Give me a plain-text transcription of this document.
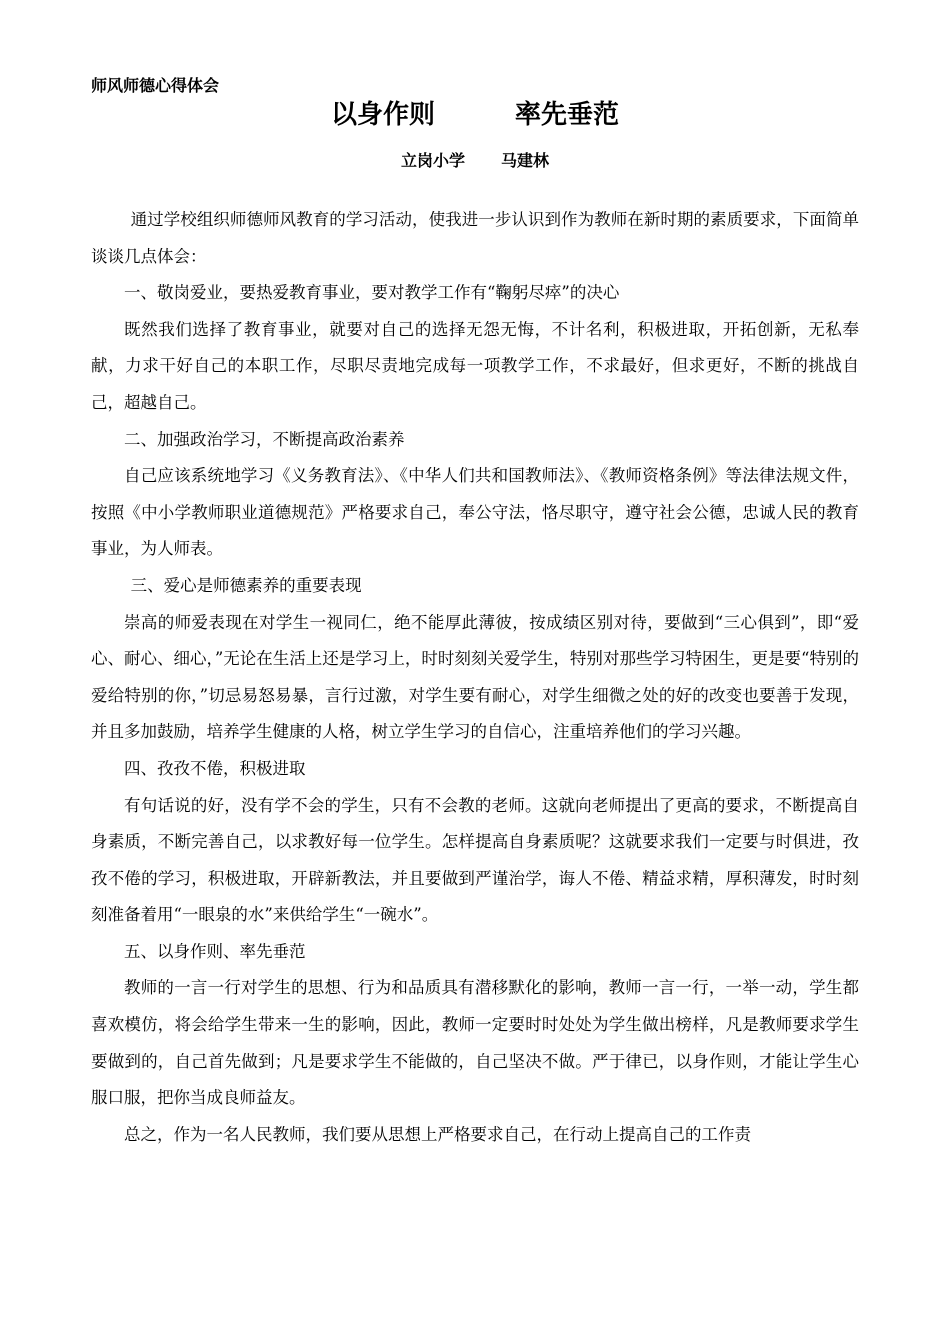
师风师德心得体会
以身作则	率先垂范
立岗小学 马建林

通过学校组织师德师风教育的学习活动，使我进一步认识到作为教师在新时期的素质要求，下面简单谈谈几点体会：

一、敬岗爱业，要热爱教育事业，要对教学工作有“鞠躬尽瘁”的决心

既然我们选择了教育事业，就要对自己的选择无怨无悔，不计名利，积极进取，开拓创新，无私奉献，力求干好自己的本职工作，尽职尽责地完成每一项教学工作，不求最好，但求更好，不断的挑战自己，超越自己。

二、加强政治学习，不断提高政治素养

自己应该系统地学习《义务教育法》、《中华人们共和国教师法》、《教师资格条例》等法律法规文件，按照《中小学教师职业道德规范》严格要求自己，奉公守法，恪尽职守，遵守社会公德，忠诚人民的教育事业，为人师表。

三、爱心是师德素养的重要表现

崇高的师爱表现在对学生一视同仁，绝不能厚此薄彼，按成绩区别对待，要做到“三心俱到”，即“爱心、耐心、细心，”无论在生活上还是学习上，时时刻刻关爱学生，特别对那些学习特困生，更是要“特别的爱给特别的你，”切忌易怒易暴，言行过激，对学生要有耐心，对学生细微之处的好的改变也要善于发现，并且多加鼓励，培养学生健康的人格，树立学生学习的自信心，注重培养他们的学习兴趣。

四、孜孜不倦，积极进取

有句话说的好，没有学不会的学生，只有不会教的老师。这就向老师提出了更高的要求，不断提高自身素质，不断完善自己，以求教好每一位学生。怎样提高自身素质呢？这就要求我们一定要与时俱进，孜孜不倦的学习，积极进取，开辟新教法，并且要做到严谨治学，诲人不倦、精益求精，厚积薄发，时时刻刻准备着用“一眼泉的水”来供给学生“一碗水”。

五、以身作则、率先垂范

教师的一言一行对学生的思想、行为和品质具有潜移默化的影响，教师一言一行，一举一动，学生都喜欢模仿，将会给学生带来一生的影响，因此，教师一定要时时处处为学生做出榜样，凡是教师要求学生要做到的，自己首先做到；凡是要求学生不能做的，自己坚决不做。严于律已，以身作则，才能让学生心服口服，把你当成良师益友。

总之，作为一名人民教师，我们要从思想上严格要求自己，在行动上提高自己的工作责
